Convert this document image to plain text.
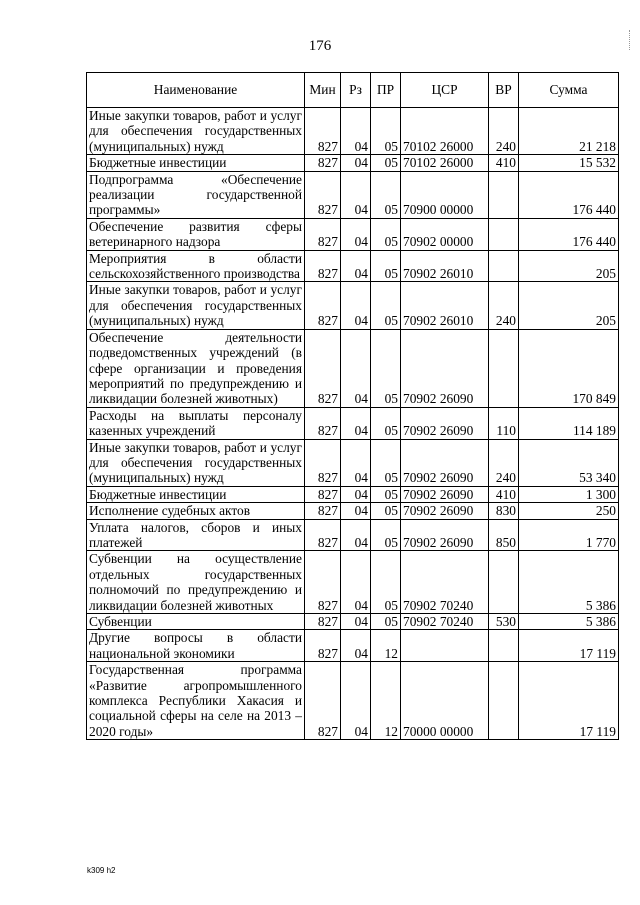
176
Наименование	Мин	Рз	ПР	ЦСР	ВР	Сумма
Иные закупки товаров, работ и услуг для обеспечения государственных (муниципальных) нужд	827	04	05	70102 26000	240	21 218
Бюджетные инвестиции	827	04	05	70102 26000	410	15 532
Подпрограмма «Обеспечение реализации государственной программы»	827	04	05	70900 00000		176 440
Обеспечение развития сферы ветеринарного надзора	827	04	05	70902 00000		176 440
Мероприятия в области сельскохозяйственного производства	827	04	05	70902 26010		205
Иные закупки товаров, работ и услуг для обеспечения государственных (муниципальных) нужд	827	04	05	70902 26010	240	205
Обеспечение деятельности подведомственных учреждений (в сфере организации и проведения мероприятий по предупреждению и ликвидации болезней животных)	827	04	05	70902 26090		170 849
Расходы на выплаты персоналу казенных учреждений	827	04	05	70902 26090	110	114 189
Иные закупки товаров, работ и услуг для обеспечения государственных (муниципальных) нужд	827	04	05	70902 26090	240	53 340
Бюджетные инвестиции	827	04	05	70902 26090	410	1 300
Исполнение судебных актов	827	04	05	70902 26090	830	250
Уплата налогов, сборов и иных платежей	827	04	05	70902 26090	850	1 770
Субвенции на осуществление отдельных государственных полномочий по предупреждению и ликвидации болезней животных	827	04	05	70902 70240		5 386
Субвенции	827	04	05	70902 70240	530	5 386
Другие вопросы в области национальной экономики	827	04	12			17 119
Государственная программа «Развитие агропромышленного комплекса Республики Хакасия и социальной сферы на селе на 2013 – 2020 годы»	827	04	12	70000 00000		17 119
k309 h2
